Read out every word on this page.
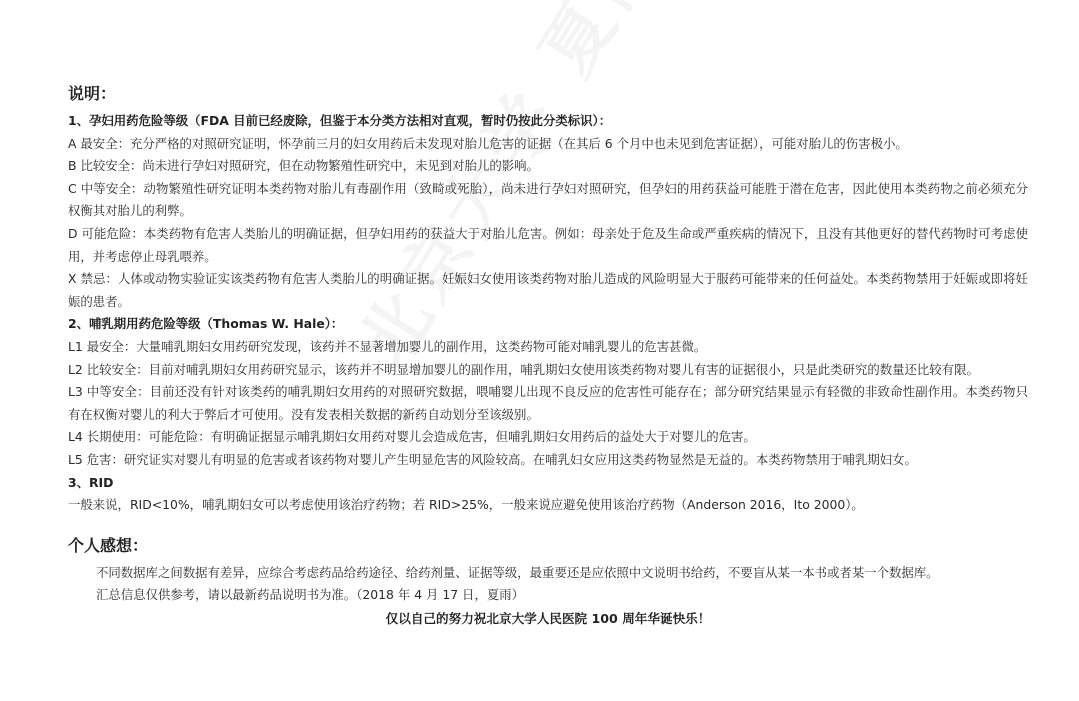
说明：

1、孕妇用药危险等级（FDA 目前已经废除，但鉴于本分类方法相对直观，暂时仍按此分类标识）：

A 最安全：充分严格的对照研究证明，怀孕前三月的妇女用药后未发现对胎儿危害的证据（在其后 6 个月中也未见到危害证据），可能对胎儿的伤害极小。

B 比较安全：尚未进行孕妇对照研究，但在动物繁殖性研究中，未见到对胎儿的影响。

C 中等安全：动物繁殖性研究证明本类药物对胎儿有毒副作用（致畸或死胎），尚未进行孕妇对照研究，但孕妇的用药获益可能胜于潜在危害，因此使用本类药物之前必须充分权衡其对胎儿的利弊。

D 可能危险：本类药物有危害人类胎儿的明确证据，但孕妇用药的获益大于对胎儿危害。例如：母亲处于危及生命或严重疾病的情况下，且没有其他更好的替代药物时可考虑使用，并考虑停止母乳喂养。

X 禁忌：人体或动物实验证实该类药物有危害人类胎儿的明确证据。妊娠妇女使用该类药物对胎儿造成的风险明显大于服药可能带来的任何益处。本类药物禁用于妊娠或即将妊娠的患者。

2、哺乳期用药危险等级（Thomas W. Hale）：

L1 最安全：大量哺乳期妇女用药研究发现，该药并不显著增加婴儿的副作用，这类药物可能对哺乳婴儿的危害甚微。

L2 比较安全：目前对哺乳期妇女用药研究显示，该药并不明显增加婴儿的副作用，哺乳期妇女使用该类药物对婴儿有害的证据很小，只是此类研究的数量还比较有限。

L3 中等安全：目前还没有针对该类药的哺乳期妇女用药的对照研究数据，喂哺婴儿出现不良反应的危害性可能存在；部分研究结果显示有轻微的非致命性副作用。本类药物只有在权衡对婴儿的利大于弊后才可使用。没有发表相关数据的新药自动划分至该级别。

L4 长期使用：可能危险：有明确证据显示哺乳期妇女用药对婴儿会造成危害，但哺乳期妇女用药后的益处大于对婴儿的危害。

L5 危害：研究证实对婴儿有明显的危害或者该药物对婴儿产生明显危害的风险较高。在哺乳妇女应用这类药物显然是无益的。本类药物禁用于哺乳期妇女。

3、RID

一般来说，RID<10%，哺乳期妇女可以考虑使用该治疗药物；若 RID>25%，一般来说应避免使用该治疗药物（Anderson 2016，Ito 2000）。

个人感想：

不同数据库之间数据有差异，应综合考虑药品给药途径、给药剂量、证据等级，最重要还是应依照中文说明书给药，不要盲从某一本书或者某一个数据库。

汇总信息仅供参考，请以最新药品说明书为准。（2018 年 4 月 17 日，夏雨）

仅以自己的努力祝北京大学人民医院 100 周年华诞快乐！
